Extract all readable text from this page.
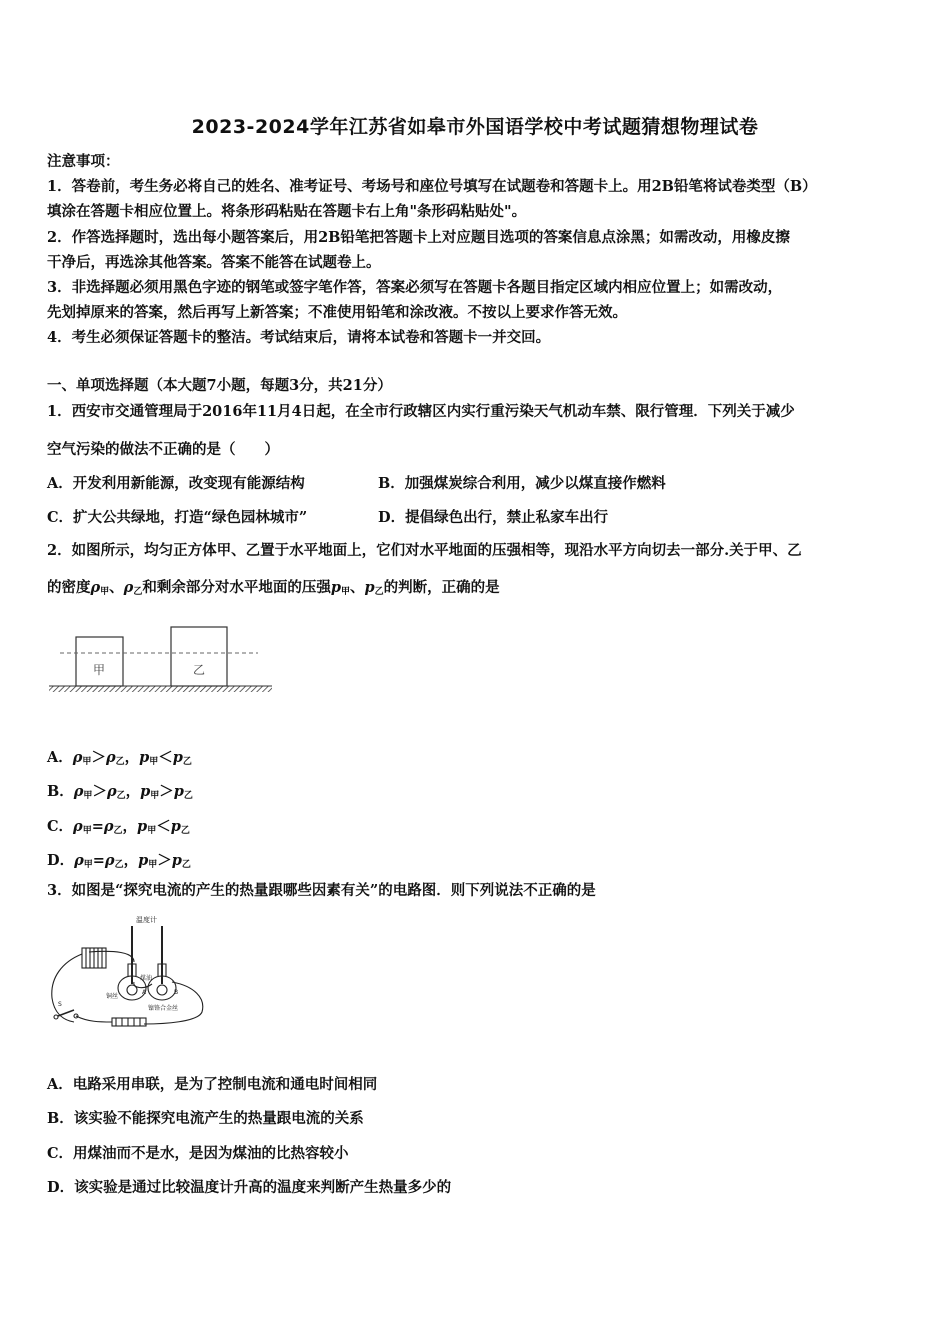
2023-2024学年江苏省如皋市外国语学校中考试题猜想物理试卷
注意事项：
1．答卷前，考生务必将自己的姓名、准考证号、考场号和座位号填写在试题卷和答题卡上。用2B铅笔将试卷类型（B）
填涂在答题卡相应位置上。将条形码粘贴在答题卡右上角"条形码粘贴处"。
2．作答选择题时，选出每小题答案后，用2B铅笔把答题卡上对应题目选项的答案信息点涂黑；如需改动，用橡皮擦
干净后，再选涂其他答案。答案不能答在试题卷上。
3．非选择题必须用黑色字迹的钢笔或签字笔作答，答案必须写在答题卡各题目指定区域内相应位置上；如需改动，
先划掉原来的答案，然后再写上新答案；不准使用铅笔和涂改液。不按以上要求作答无效。
4．考生必须保证答题卡的整洁。考试结束后，请将本试卷和答题卡一并交回。
一、单项选择题（本大题7小题，每题3分，共21分）
1．西安市交通管理局于2016年11月4日起，在全市行政辖区内实行重污染天气机动车禁、限行管理．下列关于减少
空气污染的做法不正确的是（　　）
A．开发利用新能源，改变现有能源结构	B．加强煤炭综合利用，减少以煤直接作燃料
C．扩大公共绿地，打造“绿色园林城市”	D．提倡绿色出行，禁止私家车出行
2．如图所示，均匀正方体甲、乙置于水平地面上，它们对水平地面的压强相等，现沿水平方向切去一部分.关于甲、乙
的密度$\rho_甲$、$\rho_乙$和剩余部分对水平地面的压强$p_甲$、$p_乙$的判断，正确的是
甲	乙
A．$\rho_甲>\rho_乙$，$p_甲<p_乙$
B．$\rho_甲>\rho_乙$，$p_甲>p_乙$
C．$\rho_甲=\rho_乙$，$p_甲<p_乙$
D．$\rho_甲=\rho_乙$，$p_甲>p_乙$
3．如图是“探究电流的产生的热量跟哪些因素有关”的电路图．则下列说法不正确的是
温度计
煤油
铜丝
镍铬合金丝
A	B
S
A．电路采用串联，是为了控制电流和通电时间相同
B．该实验不能探究电流产生的热量跟电流的关系
C．用煤油而不是水，是因为煤油的比热容较小
D．该实验是通过比较温度计升高的温度来判断产生热量多少的
